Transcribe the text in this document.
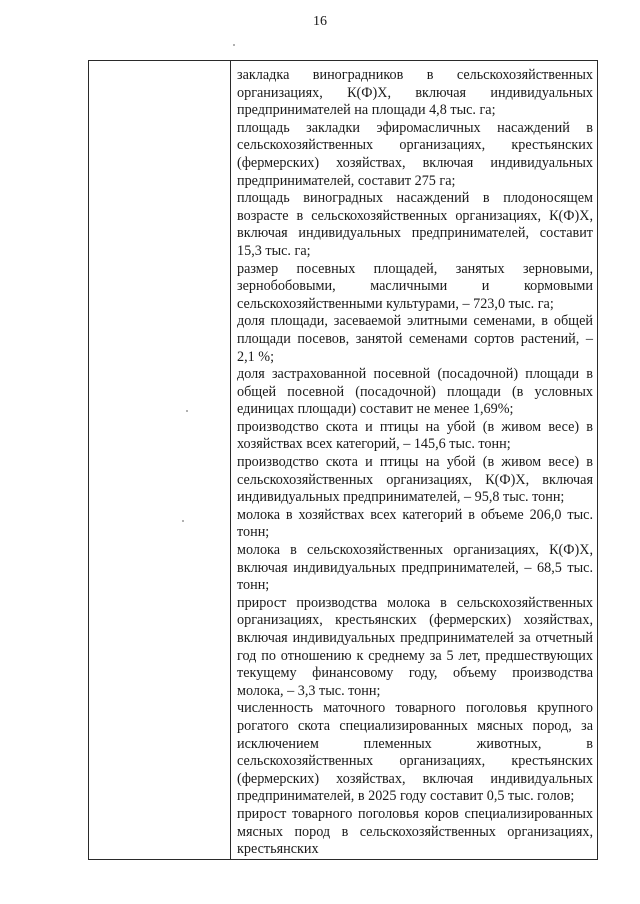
16

закладка виноградников в сельскохозяйственных организациях, К(Ф)Х, включая индивидуальных предпринимателей на площади 4,8 тыс. га;

площадь закладки эфиромасличных насаждений в сельскохозяйственных организациях, крестьянских (фермерских) хозяйствах, включая индивидуальных предпринимателей, составит 275 га;

площадь виноградных насаждений в плодоносящем возрасте в сельскохозяйственных организациях, К(Ф)Х, включая индивидуальных предпринимателей, составит 15,3 тыс. га;

размер посевных площадей, занятых зерновыми, зернобобовыми, масличными и кормовыми сельскохозяйственными культурами, – 723,0 тыс. га;

доля площади, засеваемой элитными семенами, в общей площади посевов, занятой семенами сортов растений, – 2,1 %;

доля застрахованной посевной (посадочной) площади в общей посевной (посадочной) площади (в условных единицах площади) составит не менее 1,69%;

производство скота и птицы на убой (в живом весе) в хозяйствах всех категорий, – 145,6 тыс. тонн;

производство скота и птицы на убой (в живом весе) в сельскохозяйственных организациях, К(Ф)Х, включая индивидуальных предпринимателей, – 95,8 тыс. тонн;

молока в хозяйствах всех категорий в объеме 206,0 тыс. тонн;

молока в сельскохозяйственных организациях, К(Ф)Х, включая индивидуальных предпринимателей, – 68,5 тыс. тонн;

прирост производства молока в сельскохозяйственных организациях, крестьянских (фермерских) хозяйствах, включая индивидуальных предпринимателей за отчетный год по отношению к среднему за 5 лет, предшествующих текущему финансовому году, объему производства молока, – 3,3 тыс. тонн;

численность маточного товарного поголовья крупного рогатого скота специализированных мясных пород, за исключением племенных животных, в сельскохозяйственных организациях, крестьянских (фермерских) хозяйствах, включая индивидуальных предпринимателей, в 2025 году составит 0,5 тыс. голов;

прирост товарного поголовья коров специализированных мясных пород в сельскохозяйственных организациях, крестьянских
